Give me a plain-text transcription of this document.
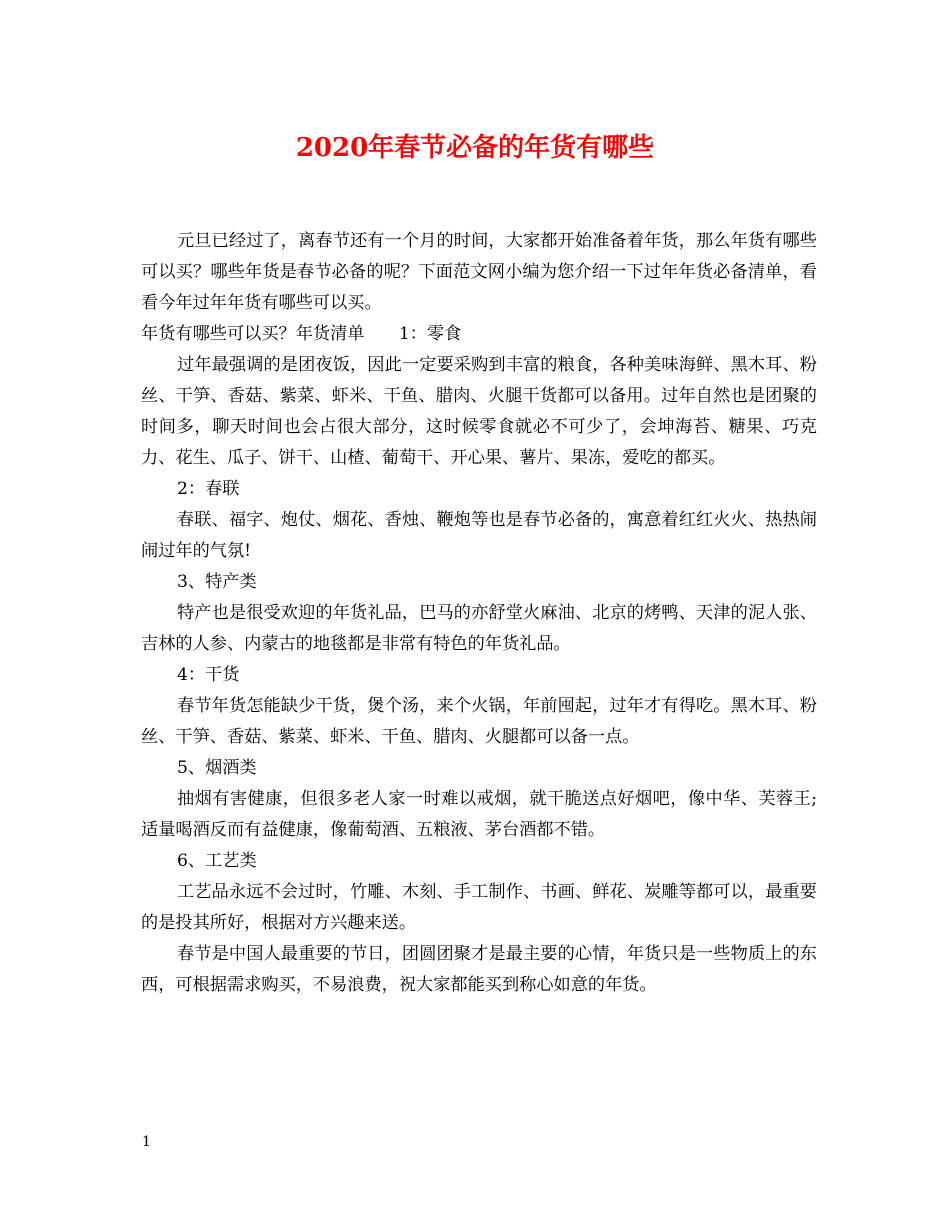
2020年春节必备的年货有哪些

元旦已经过了，离春节还有一个月的时间，大家都开始准备着年货，那么年货有哪些可以买？哪些年货是春节必备的呢？下面范文网小编为您介绍一下过年年货必备清单，看看今年过年年货有哪些可以买。

年货有哪些可以买？年货清单　　1：零食

过年最强调的是团夜饭，因此一定要采购到丰富的粮食，各种美味海鲜、黑木耳、粉丝、干笋、香菇、紫菜、虾米、干鱼、腊肉、火腿干货都可以备用。过年自然也是团聚的时间多，聊天时间也会占很大部分，这时候零食就必不可少了，会坤海苔、糖果、巧克力、花生、瓜子、饼干、山楂、葡萄干、开心果、薯片、果冻，爱吃的都买。

2：春联

春联、福字、炮仗、烟花、香烛、鞭炮等也是春节必备的，寓意着红红火火、热热闹闹过年的气氛!

3、特产类

特产也是很受欢迎的年货礼品，巴马的亦舒堂火麻油、北京的烤鸭、天津的泥人张、吉林的人参、内蒙古的地毯都是非常有特色的年货礼品。

4：干货

春节年货怎能缺少干货，煲个汤，来个火锅，年前囤起，过年才有得吃。黑木耳、粉丝、干笋、香菇、紫菜、虾米、干鱼、腊肉、火腿都可以备一点。

5、烟酒类

抽烟有害健康，但很多老人家一时难以戒烟，就干脆送点好烟吧，像中华、芙蓉王;适量喝酒反而有益健康，像葡萄酒、五粮液、茅台酒都不错。

6、工艺类

工艺品永远不会过时，竹雕、木刻、手工制作、书画、鲜花、炭雕等都可以，最重要的是投其所好，根据对方兴趣来送。

春节是中国人最重要的节日，团圆团聚才是最主要的心情，年货只是一些物质上的东西，可根据需求购买，不易浪费，祝大家都能买到称心如意的年货。

1
